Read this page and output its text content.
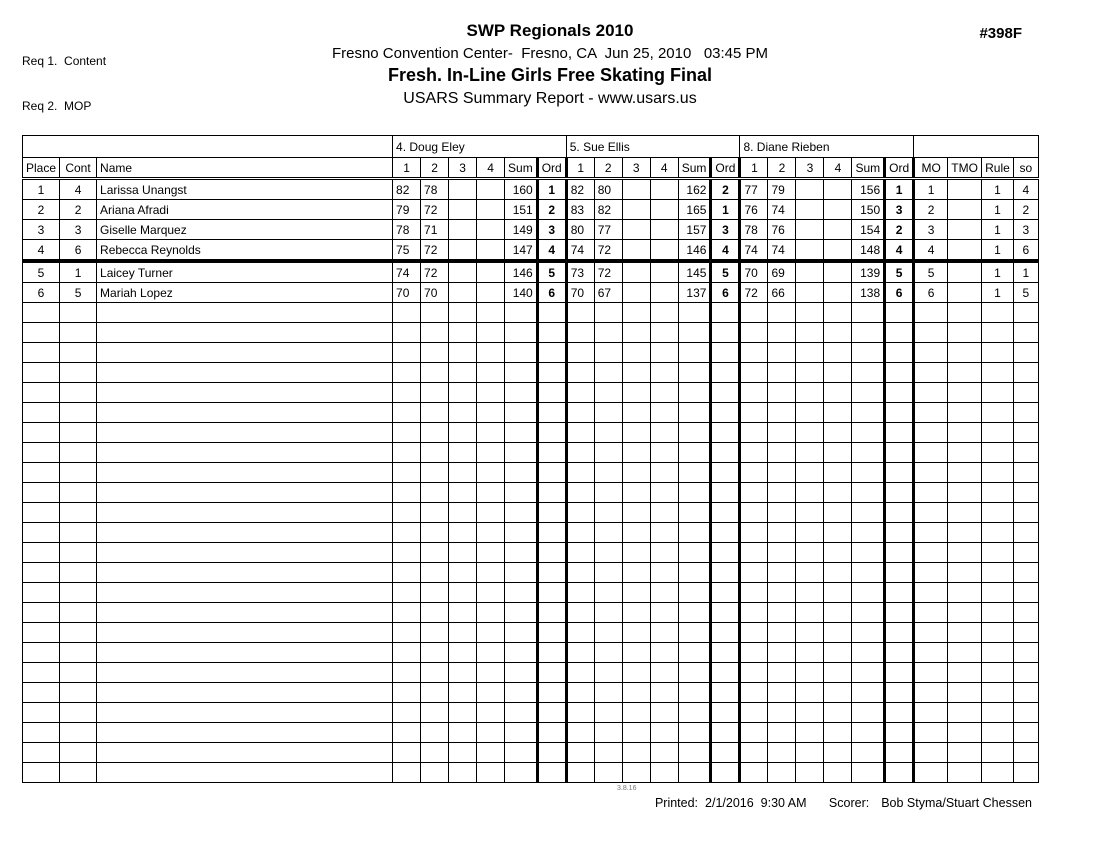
Req 1.  Content

Req 2.  MOP

SWP Regionals 2010
Fresno Convention Center-  Fresno, CA  Jun 25, 2010   03:45 PM
Fresh. In-Line Girls Free Skating Final
USARS Summary Report - www.usars.us
#398F
			4. Doug Eley						5. Sue Ellis						8. Diane Rieben									
Place	Cont	Name	1	2	3	4	Sum	Ord	1	2	3	4	Sum	Ord	1	2	3	4	Sum	Ord	MO	TMO	Rule	so
1	4	Larissa Unangst	82	78			160	1	82	80			162	2	77	79			156	1	1		1	4
2	2	Ariana Afradi	79	72			151	2	83	82			165	1	76	74			150	3	2		1	2
3	3	Giselle Marquez	78	71			149	3	80	77			157	3	78	76			154	2	3		1	3
4	6	Rebecca Reynolds	75	72			147	4	74	72			146	4	74	74			148	4	4		1	6
5	1	Laicey Turner	74	72			146	5	73	72			145	5	70	69			139	5	5		1	1
6	5	Mariah Lopez	70	70			140	6	70	67			137	6	72	66			138	6	6		1	5

3.8.16

Printed: 2/1/2016  9:30 AM	Scorer: Bob Styma/Stuart Chessen
